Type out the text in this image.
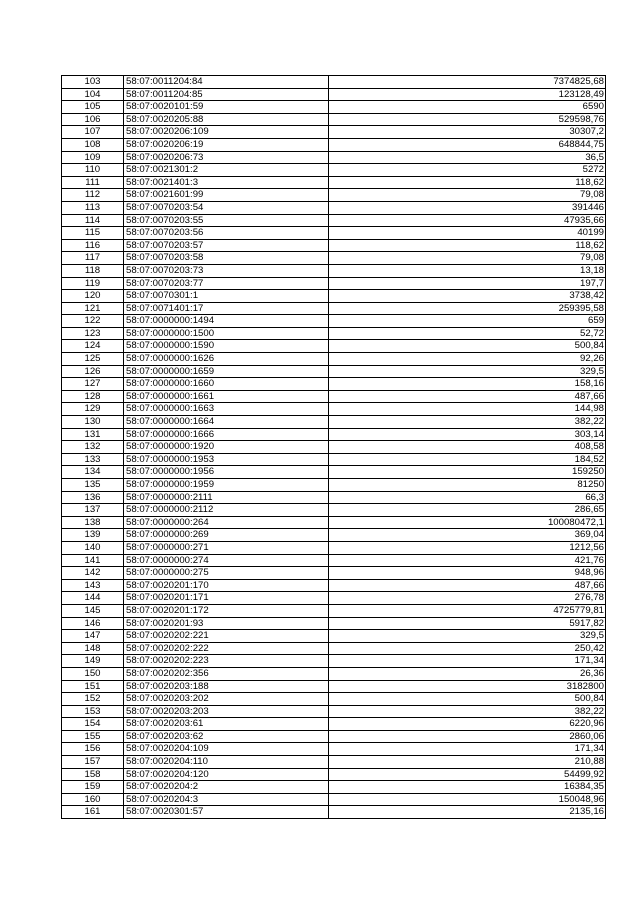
103	58:07:0011204:84	7374825,68
104	58:07:0011204:85	123128,49
105	58:07:0020101:59	6590
106	58:07:0020205:88	529598,76
107	58:07:0020206:109	30307,2
108	58:07:0020206:19	648844,75
109	58:07:0020206:73	36,5
110	58:07:0021301:2	5272
111	58:07:0021401:3	118,62
112	58:07:0021601:99	79,08
113	58:07:0070203:54	391446
114	58:07:0070203:55	47935,66
115	58:07:0070203:56	40199
116	58:07:0070203:57	118,62
117	58:07:0070203:58	79,08
118	58:07:0070203:73	13,18
119	58:07:0070203:77	197,7
120	58:07:0070301:1	3738,42
121	58:07:0071401:17	259395,58
122	58:07:0000000:1494	659
123	58:07:0000000:1500	52,72
124	58:07:0000000:1590	500,84
125	58:07:0000000:1626	92,26
126	58:07:0000000:1659	329,5
127	58:07:0000000:1660	158,16
128	58:07:0000000:1661	487,66
129	58:07:0000000:1663	144,98
130	58:07:0000000:1664	382,22
131	58:07:0000000:1666	303,14
132	58:07:0000000:1920	408,58
133	58:07:0000000:1953	184,52
134	58:07:0000000:1956	159250
135	58:07:0000000:1959	81250
136	58:07:0000000:2111	66,3
137	58:07:0000000:2112	286,65
138	58:07:0000000:264	100080472,1
139	58:07:0000000:269	369,04
140	58:07:0000000:271	1212,56
141	58:07:0000000:274	421,76
142	58:07:0000000:275	948,96
143	58:07:0020201:170	487,66
144	58:07:0020201:171	276,78
145	58:07:0020201:172	4725779,81
146	58:07:0020201:93	5917,82
147	58:07:0020202:221	329,5
148	58:07:0020202:222	250,42
149	58:07:0020202:223	171,34
150	58:07:0020202:356	26,36
151	58:07:0020203:188	3182800
152	58:07:0020203:202	500,84
153	58:07:0020203:203	382,22
154	58:07:0020203:61	6220,96
155	58:07:0020203:62	2860,06
156	58:07:0020204:109	171,34
157	58:07:0020204:110	210,88
158	58:07:0020204:120	54499,92
159	58:07:0020204:2	16384,35
160	58:07:0020204:3	150048,96
161	58:07:0020301:57	2135,16
